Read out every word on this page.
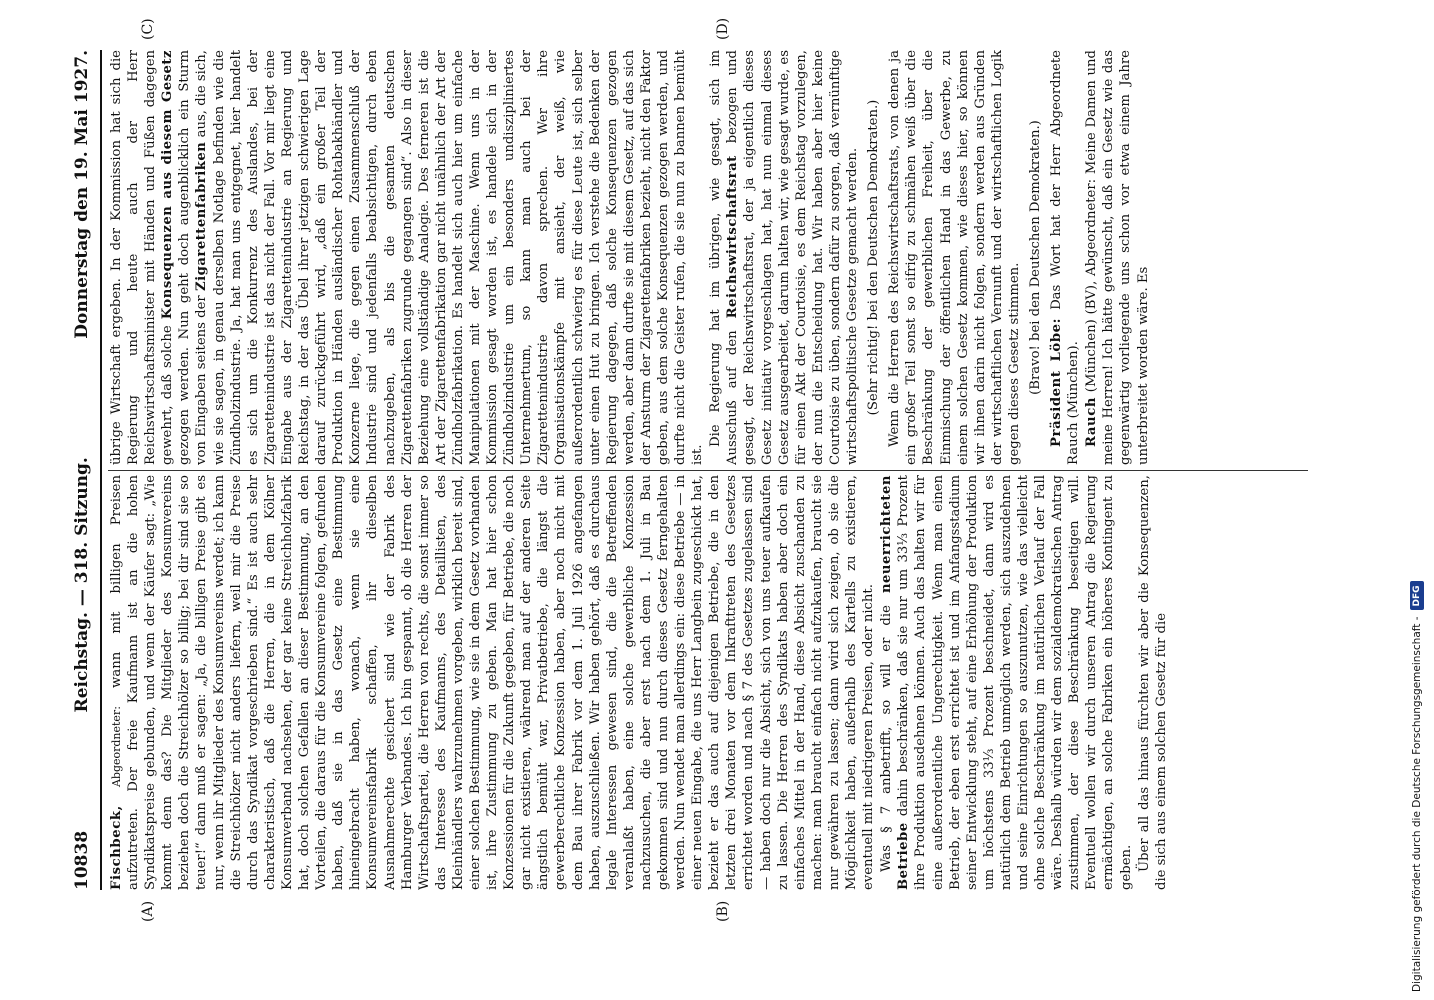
10838
Reichstag. — 318. Sitzung.
Donnerstag den 19. Mai 1927.
(A)	(B)
(C)	(D)

Fischbeck, Abgeordneter: wann mit billigen Preisen aufzutreten. Der freie Kaufmann ist an die hohen Syndikatspreise gebunden, und wenn der Käufer sagt: „Wie kommt denn das? Die Mitglieder des Konsumvereins beziehen doch die Streichhölzer so billig; bei dir sind sie so teuer!“ dann muß er sagen: „Ja, die billigen Preise gibt es nur, wenn ihr Mitglieder des Konsumvereins werdet; ich kann die Streichhölzer nicht anders liefern, weil mir die Preise durch das Syndikat vorgeschrieben sind.“ Es ist auch sehr charakteristisch, daß die Herren, die in dem Kölner Konsumverband nachsehen, der gar keine Streichholzfabrik hat, doch solchen Gefallen an dieser Bestimmung, an den Vorteilen, die daraus für die Konsumvereine folgen, gefunden haben, daß sie in das Gesetz eine Bestimmung hineingebracht haben, wonach, wenn sie eine Konsumvereinsfabrik schaffen, ihr dieselben Ausnahmerechte gesichert sind wie der Fabrik des Hamburger Verbandes. Ich bin gespannt, ob die Herren der Wirtschaftspartei, die Herren von rechts, die sonst immer so das Interesse des Kaufmanns, des Detaillisten, des Kleinhändlers wahrzunehmen vorgeben, wirklich bereit sind, einer solchen Bestimmung, wie sie in dem Gesetz vorhanden ist, ihre Zustimmung zu geben. Man hat hier schon Konzessionen für die Zukunft gegeben, für Betriebe, die noch gar nicht existieren, während man auf der anderen Seite ängstlich bemüht war, Privatbetriebe, die längst die gewerberechtliche Konzession haben, aber noch nicht mit dem Bau ihrer Fabrik vor dem 1. Juli 1926 angefangen haben, auszuschließen. Wir haben gehört, daß es durchaus legale Interessen gewesen sind, die die Betreffenden veranlaßt haben, eine solche gewerbliche Konzession nachzusuchen, die aber erst nach dem 1. Juli in Bau gekommen sind und nun durch dieses Gesetz ferngehalten werden. Nun wendet man allerdings ein: diese Betriebe — in einer neuen Eingabe, die uns Herr Langbein zugeschickt hat, bezieht er das auch auf diejenigen Betriebe, die in den letzten drei Monaten vor dem Inkrafttreten des Gesetzes errichtet worden und nach § 7 des Gesetzes zugelassen sind — haben doch nur die Absicht, sich von uns teuer aufkaufen zu lassen. Die Herren des Syndikats haben aber doch ein einfaches Mittel in der Hand, diese Absicht zuschanden zu machen: man braucht einfach nicht aufzukaufen, braucht sie nur gewähren zu lassen; dann wird sich zeigen, ob sie die Möglichkeit haben, außerhalb des Kartells zu existieren, eventuell mit niedrigeren Preisen, oder nicht. Was § 7 anbetrifft, so will er die neuerrichteten Betriebe dahin beschränken, daß sie nur um 33⅓ Prozent ihre Produktion ausdehnen können. Auch das halten wir für eine außerordentliche Ungerechtigkeit. Wenn man einen Betrieb, der eben erst errichtet ist und im Anfangsstadium seiner Entwicklung steht, auf eine Erhöhung der Produktion um höchstens 33⅓ Prozent beschneidet, dann wird es natürlich dem Betrieb unmöglich werden, sich auszudehnen und seine Einrichtungen so auszunutzen, wie das vielleicht ohne solche Beschränkung im natürlichen Verlauf der Fall wäre. Deshalb würden wir dem sozialdemokratischen Antrag zustimmen, der diese Beschränkung beseitigen will. Eventuell wollen wir durch unseren Antrag die Regierung ermächtigen, an solche Fabriken ein höheres Kontingent zu geben. Über all das hinaus fürchten wir aber die Konsequenzen, die sich aus einem solchen Gesetz für die

übrige Wirtschaft ergeben. In der Kommission hat sich die Regierung und heute auch der Herr Reichswirtschaftsminister mit Händen und Füßen dagegen gewehrt, daß solche Konsequenzen aus diesem Gesetz gezogen werden. Nun geht doch augenblicklich ein Sturm von Eingaben seitens der Zigarettenfabriken aus, die sich, wie sie sagen, in genau derselben Notlage befinden wie die Zündholzindustrie. Ja, hat man uns entgegnet, hier handelt es sich um die Konkurrenz des Auslandes, bei der Zigarettenindustrie ist das nicht der Fall. Vor mir liegt eine Eingabe aus der Zigarettenindustrie an Regierung und Reichstag, in der das Übel ihrer jetzigen schwierigen Lage darauf zurückgeführt wird, „daß ein großer Teil der Produktion in Händen ausländischer Rohtabakhändler und Konzerne liege, die gegen einen Zusammenschluß der Industrie sind und jedenfalls beabsichtigen, durch eben nachzugeben, als bis die gesamten deutschen Zigarettenfabriken zugrunde gegangen sind“. Also in dieser Beziehung eine vollständige Analogie. Des ferneren ist die Art der Zigarettenfabrikation gar nicht unähnlich der Art der Zündholzfabrikation. Es handelt sich auch hier um einfache Manipulationen mit der Maschine. Wenn uns in der Kommission gesagt worden ist, es handele sich in der Zündholzindustrie um ein besonders undiszipliniertes Unternehmertum, so kann man auch bei der Zigarettenindustrie davon sprechen. Wer ihre Organisationskämpfe mit ansieht, der weiß, wie außerordentlich schwierig es für diese Leute ist, sich selber unter einen Hut zu bringen. Ich verstehe die Bedenken der Regierung dagegen, daß solche Konsequenzen gezogen werden, aber dann durfte sie mit diesem Gesetz, auf das sich der Ansturm der Zigarettenfabriken bezieht, nicht den Faktor geben, aus dem solche Konsequenzen gezogen werden, und durfte nicht die Geister rufen, die sie nun zu bannen bemüht ist.

Die Regierung hat im übrigen, wie gesagt, sich im Ausschuß auf den Reichswirtschaftsrat bezogen und gesagt, der Reichswirtschaftsrat, der ja eigentlich dieses Gesetz initiativ vorgeschlagen hat, hat nun einmal dieses Gesetz ausgearbeitet, darum halten wir, wie gesagt wurde, es für einen Akt der Courtoisie, es dem Reichstag vorzulegen, der nun die Entscheidung hat. Wir haben aber hier keine Courtoisie zu üben, sondern dafür zu sorgen, daß vernünftige wirtschaftspolitische Gesetze gemacht werden. (Sehr richtig! bei den Deutschen Demokraten.) Wenn die Herren des Reichswirtschaftsrats, von denen ja ein großer Teil sonst so eifrig zu schmähen weiß über die Beschränkung der gewerblichen Freiheit, über die Einmischung der öffentlichen Hand in das Gewerbe, zu einem solchen Gesetz kommen, wie dieses hier, so können wir ihnen darin nicht folgen, sondern werden aus Gründen der wirtschaftlichen Vernunft und der wirtschaftlichen Logik gegen dieses Gesetz stimmen. (Bravo! bei den Deutschen Demokraten.) Präsident Löbe: Das Wort hat der Herr Abgeordnete Rauch (München). Rauch (München) (BV), Abgeordneter: Meine Damen und meine Herren! Ich hätte gewünscht, daß ein Gesetz wie das gegenwärtig vorliegende uns schon vor etwa einem Jahre unterbreitet worden wäre. Es

Digitalisierung gefördert durch die Deutsche Forschungsgemeinschaft -
DFG
